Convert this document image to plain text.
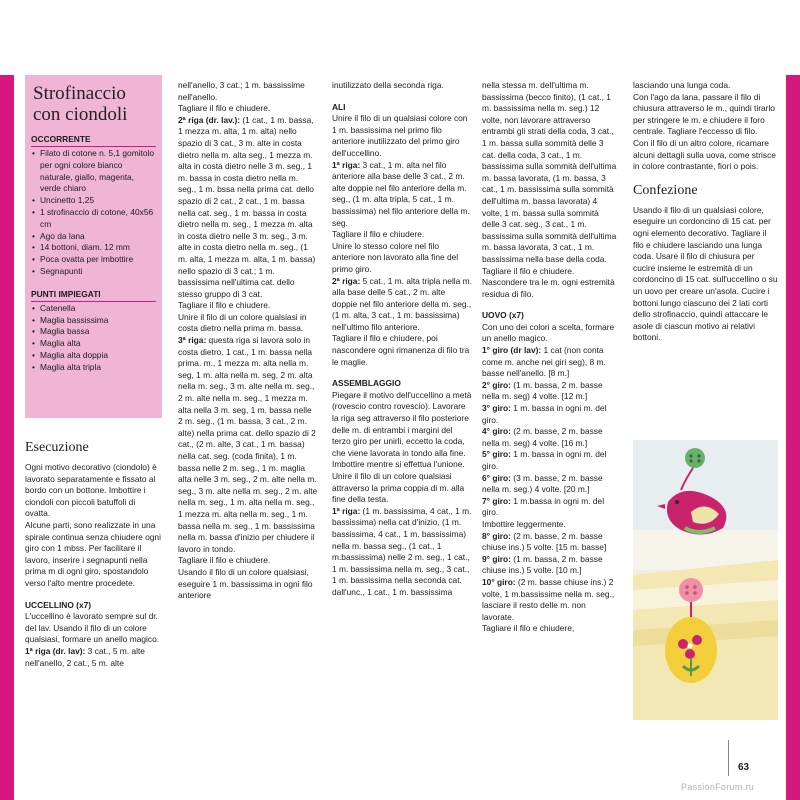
Strofinaccio con ciondoli
OCCORRENTE
• Filato di cotone n. 5,1 gomitolo per ogni colore bianco naturale, giallo, magenta, verde chiaro
• Uncinetto 1,25
• 1 strofinaccio di cotone, 40x56 cm
• Ago da lana
• 14 bottoni, diam. 12 mm
• Poca ovatta per imbottire
• Segnapunti
PUNTI IMPIEGATI
• Catenella
• Maglia bassissima
• Maglia bassa
• Maglia alta
• Maglia alta doppia
• Maglia alta tripla
Esecuzione

Ogni motivo decorativo (ciondolo) è lavorato separatamente e fissato al bordo con un bottone. Imbottire i ciondoli con piccoli batuffoli di ovatta.

Alcune parti, sono realizzate in una spirale continua senza chiudere ogni giro con 1 mbss. Per facilitare il lavoro, inserire i segnapunti nella prima m di ogni giro, spostandolo verso l'alto mentre procedete.

UCCELLINO (x7)

L'uccellino è lavorato sempre sul dr. del lav. Usando il filo di un colore qualsiasi, formare un anello magico.

1ª riga (dr. lav): 3 cat., 5 m. alte nell'anello, 2 cat., 5 m. alte

nell'anello, 3 cat.; 1 m. bassissime nell'anello.

Tagliare il filo e chiudere.

2ª riga (dr. lav.): (1 cat., 1 m. bassa, 1 mezza m. alta, 1 m. alta) nello spazio di 3 cat., 3 m. alte in costa dietro nella m. alta seg., 1 mezza m. alta in costa dietro nelle 3 m. seg., 1 m. bassa in costa dietro nella m. seg., 1 m. bssa nella prima cat. dello spazio di 2 cat., 2 cat., 1 m. bassa nella cat. seg., 1 m. bassa in costa dietro nella m. seg., 1 mezza m. alta in costa dietro nelle 3 m. seg., 3 m. alte in costa dietro nella m. seg., (1 m. alta, 1 mezza m. alta, 1 m. bassa) nello spazio di 3 cat.; 1 m. bassissima nell'ultima cat. dello stesso gruppo di 3 cat.

Tagliare il filo e chiudere.

Unire il filo di un colore qualsiasi in costa dietro nella prima m. bassa.

3ª riga: questa riga si lavora solo in costa dietro. 1 cat., 1 m. bassa nella prima. m., 1 mezza m. alta nella m. seg, 1 m. alta nella m. seg, 2 m. alta nella m. seg., 3 m. alte nella m. seg., 2 m. alte nella m. seg., 1 mezza m. alta nella 3 m. seg, 1 m. bassa nelle 2 m. seg., (1 m. bassa, 3 cat., 2 m. alte) nella prima cat. dello spazio di 2 cat., (2 m. alte, 3 cat., 1 m. bassa) nella cat. seg. (coda finita), 1 m. bassa nelle 2 m. seg., 1 m. maglia alta nelle 3 m. seg., 2 m. alte nella m. seg., 3 m. alte nella m. seg., 2 m. alte nella m. seg., 1 m. alta nella m. seg., 1 mezza m. alta nella m. seg., 1 m. bassa nella m. seg., 1 m. bassissima nella m. bassa d'inizio per chiudere il lavoro in tondo.

Tagliare il filo e chiudere.

Usando il filo di un colore qualsiasi, eseguire 1 m. bassissima in ogni filo anteriore

inutilizzato della seconda riga.

ALI

Unire il filo di un qualsiasi colore con 1 m. bassissima nel primo filo anteriore inutilizzato del primo giro dell'uccellino.

1ª riga: 3 cat., 1 m. alta nel filo anteriore alla base delle 3 cat., 2 m. alte doppie nel filo anteriore della m. seg., (1 m. alta tripla, 5 cat., 1 m. bassissima) nel filo anteriore della m. seg.

Tagliare il filo e chiudere.

Unire lo stesso colore nel filo anteriore non lavorato alla fine del primo giro.

2ª riga: 5 cat., 1 m. alta tripla nella m. alla base delle 5 cat., 2 m. alte doppie nel filo anteriore della m. seg., (1 m. alta, 3 cat., 1 m. bassissima) nell'ultimo filo anteriore.

Tagliare il filo e chiudere, poi nascondere ogni rimanenza di filo tra le maglie.

ASSEMBLAGGIO

Piegare il motivo dell'uccellino a metà (rovescio contro rovescio). Lavorare la riga seg attraverso il filo posteriore delle m. di entrambi i margini del terzo giro per unirli, eccetto la coda, che viene lavorata in tondo alla fine. Imbottire mentre si effettua l'unione. Unire il filo di un colore qualsiasi attraverso la prima coppia di m. alla fine della testa.

1ª riga: (1 m. bassissima, 4 cat., 1 m. bassissima) nella cat d'inizio, (1 m. bassissima, 4 cat., 1 m. bassissima) nella m. bassa seg., (1 cat., 1 m.bassissima) nelle 2 m. seg., 1 cat., 1 m. bassissima nella m. seg., 3 cat., 1 m. bassissima nella seconda cat. dall'unc., 1 cat., 1 m. bassissima

nella stessa m. dell'ultima m. bassissima (becco finito), (1 cat., 1 m. bassissima nella m. seg.) 12 volte, non lavorare attraverso entrambi gli strati della coda, 3 cat., 1 m. bassa sulla sommità delle 3 cat. della coda, 3 cat., 1 m. bassissima sulla sommità dell'ultima m. bassa lavorata, (1 m. bassa, 3 cat., 1 m. bassissima sulla sommità dell'ultima m. bassa lavorata) 4 volte, 1 m. bassa sulla sommità delle 3 cat. seg., 3 cat., 1 m. bassissima sulla sommità dell'ultima m. bassa lavorata, 3 cat., 1 m. bassissima nella base della coda. Tagliare il filo e chiudere. Nascondere tra le m. ogni estremità residua di filo.

UOVO (x7)

Con uno dei colori a scelta, formare un anello magico.

1° giro (dr lav): 1 cat (non conta come m. anche nei giri seg), 8 m. basse nell'anello. [8 m.]

2° giro: (1 m. bassa, 2 m. basse nella m. seg) 4 volte. [12 m.]

3° giro: 1 m. bassa in ogni m. del giro.

4° giro: (2 m. basse, 2 m. basse nella m. seg) 4 volte. [16 m.]

5° giro: 1 m. bassa in ogni m. del giro.

6° giro: (3 m. basse, 2 m. basse nella m. seg.) 4 volte. [20 m.]

7° giro: 1 m.bassa in ogni m. del giro.

Imbottire leggermente.

8° giro: (2 m. basse, 2 m. basse chiuse ins.) 5 volte. [15 m. basse]

9° giro: (1 m. bassa, 2 m. basse chiuse ins.) 5 volte. [10 m.]

10° giro: (2 m. basse chiuse ins.) 2 volte, 1 m.bassissime nella m. seg., lasciare il resto delle m. non lavorate.

Tagliare il filo e chiudere,

lasciando una lunga coda.

Con l'ago da lana, passare il filo di chiusura attraverso le m., quindi tirarlo per stringere le m. e chiudere il foro centrale. Tagliare l'eccesso di filo.

Con il filo di un altro colore, ricamare alcuni dettagli sulla uova, come strisce in colore contrastante, fiori o pois.

Confezione

Usando il filo di un qualsiasi colore, eseguire un cordoncino di 15 cat. per ogni elemento decorativo. Tagliare il filo e chiudere lasciando una lunga coda. Usare il filo di chiusura per cucire insieme le estremità di un cordoncino di 15 cat. sull'uccellino o su un uovo per creare un'asola. Cucire i bottoni lungo ciascuno dei 2 lati corti dello strofinaccio, quindi attaccare le asole di ciascun motivo ai relativi bottoni.

63
PassionForum.ru
